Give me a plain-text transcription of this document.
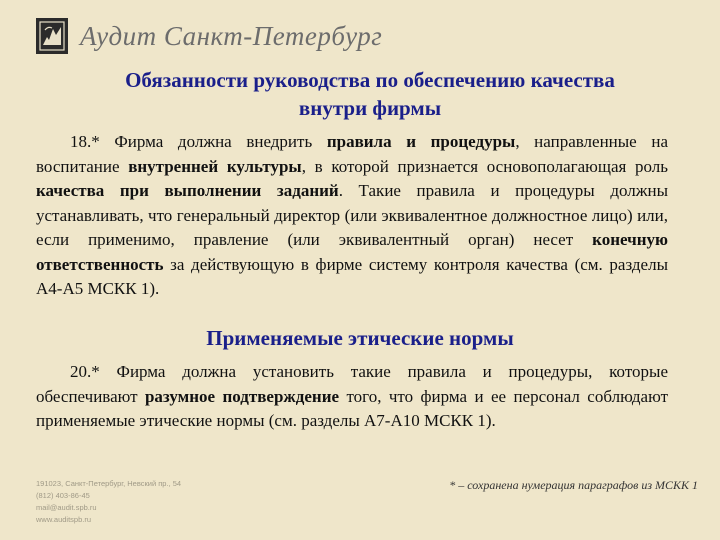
Аудит Санкт-Петербург
Обязанности руководства по обеспечению качества
внутри фирмы

18.* Фирма должна внедрить правила и процедуры, направленные на воспитание внутренней культуры, в которой признается основополагающая роль качества при выполнении заданий. Такие правила и процедуры должны устанавливать, что генеральный директор (или эквивалентное должностное лицо) или, если применимо, правление (или эквивалентный орган) несет конечную ответственность за действующую в фирме систему контроля качества (см. разделы А4-А5 МСКК 1).

Применяемые этические нормы

20.* Фирма должна установить такие правила и процедуры, которые обеспечивают разумное подтверждение того, что фирма и ее персонал соблюдают применяемые этические нормы (см. разделы А7-А10 МСКК 1).

191023, Санкт-Петербург, Невский пр., 54
(812) 403-86-45
mail@audit.spb.ru
www.auditspb.ru
* – сохранена нумерация параграфов из МСКК 1
